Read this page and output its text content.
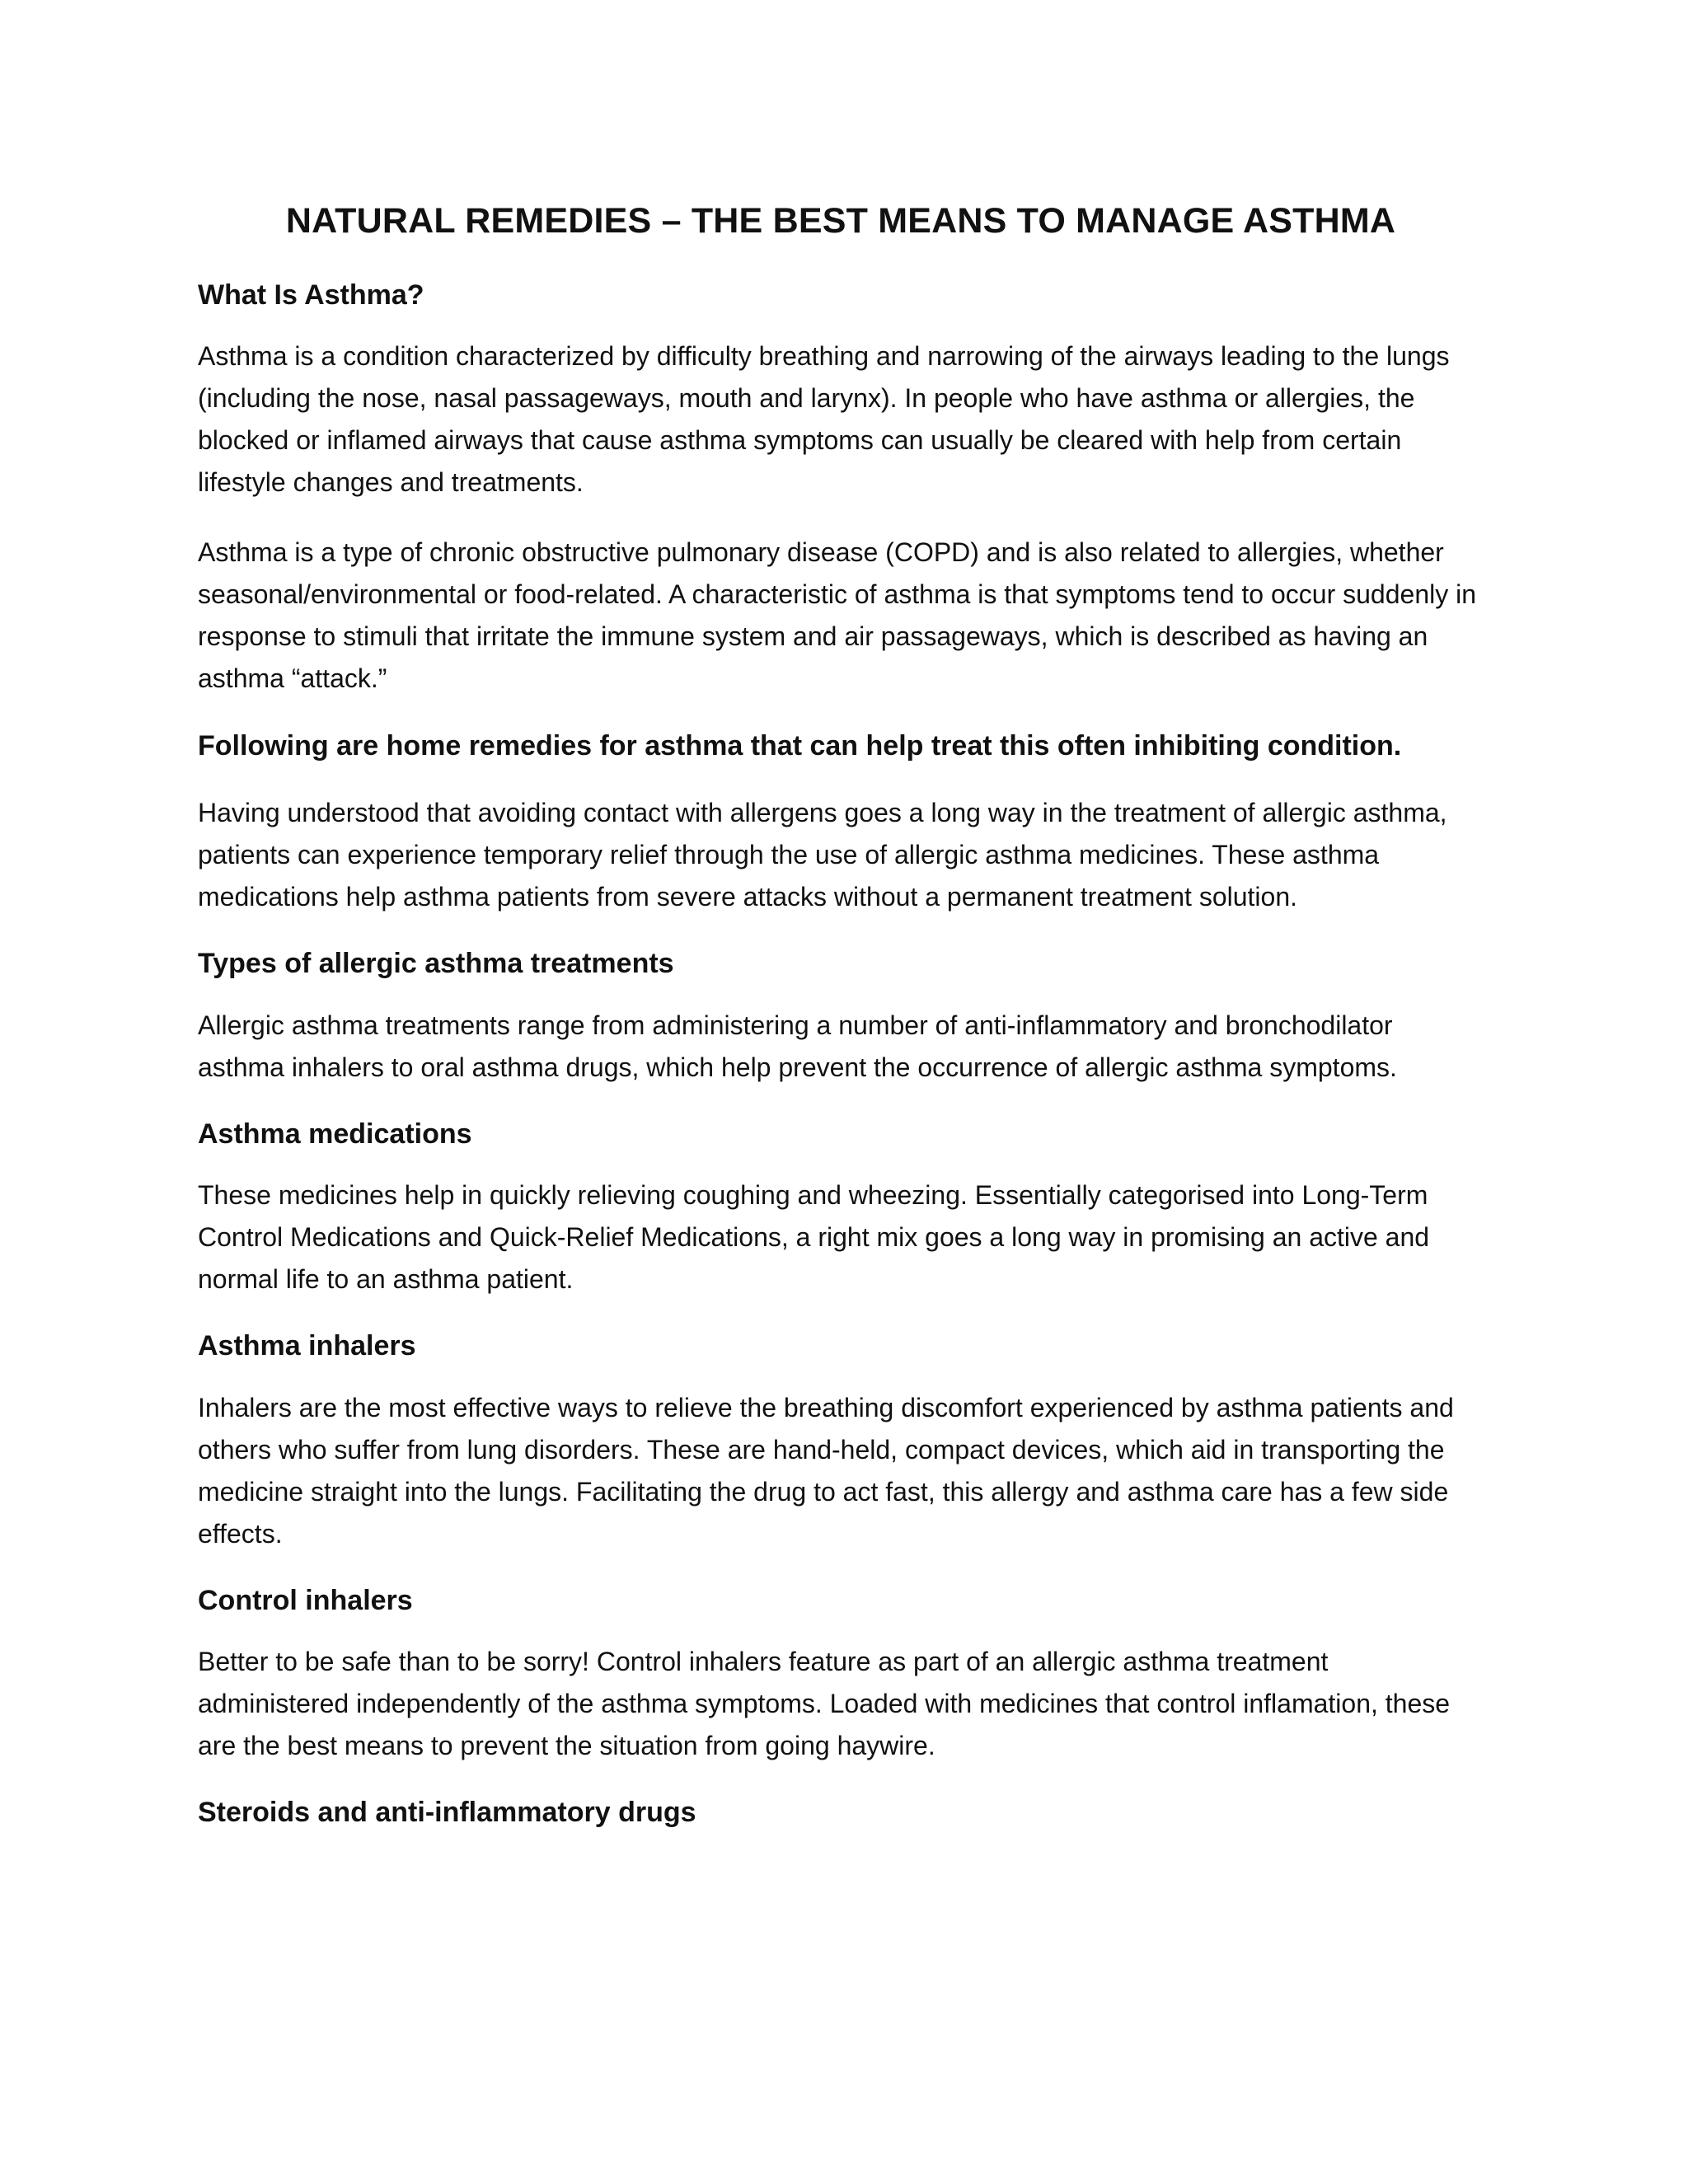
NATURAL REMEDIES – THE BEST MEANS TO MANAGE ASTHMA
What Is Asthma?

Asthma is a condition characterized by difficulty breathing and narrowing of the airways leading to the lungs (including the nose, nasal passageways, mouth and larynx). In people who have asthma or allergies, the blocked or inflamed airways that cause asthma symptoms can usually be cleared with help from certain lifestyle changes and treatments.

Asthma is a type of chronic obstructive pulmonary disease (COPD) and is also related to allergies, whether seasonal/environmental or food-related. A characteristic of asthma is that symptoms tend to occur suddenly in response to stimuli that irritate the immune system and air passageways, which is described as having an asthma “attack.”

Following are home remedies for asthma that can help treat this often inhibiting condition.

Having understood that avoiding contact with allergens goes a long way in the treatment of allergic asthma, patients can experience temporary relief through the use of allergic asthma medicines. These asthma medications help asthma patients from severe attacks without a permanent treatment solution.

Types of allergic asthma treatments

Allergic asthma treatments range from administering a number of anti-inflammatory and bronchodilator asthma inhalers to oral asthma drugs, which help prevent the occurrence of allergic asthma symptoms.

Asthma medications

These medicines help in quickly relieving coughing and wheezing. Essentially categorised into Long-Term Control Medications and Quick-Relief Medications, a right mix goes a long way in promising an active and normal life to an asthma patient.

Asthma inhalers

Inhalers are the most effective ways to relieve the breathing discomfort experienced by asthma patients and others who suffer from lung disorders. These are hand-held, compact devices, which aid in transporting the medicine straight into the lungs. Facilitating the drug to act fast, this allergy and asthma care has a few side effects.

Control inhalers

Better to be safe than to be sorry! Control inhalers feature as part of an allergic asthma treatment administered independently of the asthma symptoms. Loaded with medicines that control inflamation, these are the best means to prevent the situation from going haywire.

Steroids and anti-inflammatory drugs
